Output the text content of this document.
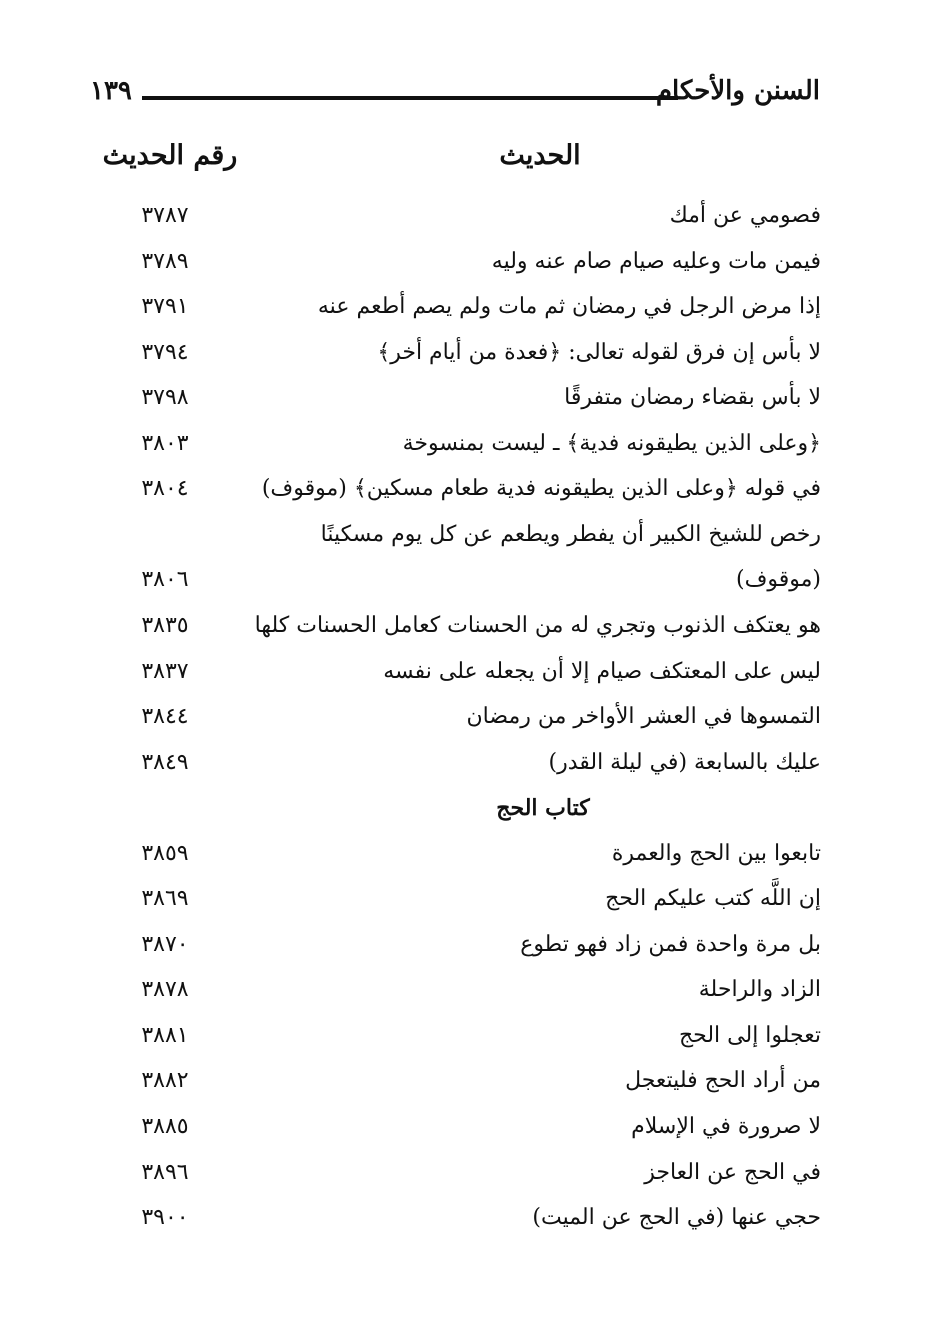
السنن والأحكام
١٣٩
الحديث
رقم الحديث
فصومي عن أمك
٣٧٨٧
فيمن مات وعليه صيام صام عنه وليه
٣٧٨٩
إذا مرض الرجل في رمضان ثم مات ولم يصم أطعم عنه
٣٧٩١
لا بأس إن فرق لقوله تعالى: ﴿فعدة من أيام أخر﴾
٣٧٩٤
لا بأس بقضاء رمضان متفرقًا
٣٧٩٨
﴿وعلى الذين يطيقونه فدية﴾ ـ ليست بمنسوخة
٣٨٠٣
في قوله ﴿وعلى الذين يطيقونه فدية طعام مسكين﴾ (موقوف)
٣٨٠٤
رخص للشيخ الكبير أن يفطر ويطعم عن كل يوم مسكينًا
(موقوف)
٣٨٠٦
هو يعتكف الذنوب وتجري له من الحسنات كعامل الحسنات كلها
٣٨٣٥
ليس على المعتكف صيام إلا أن يجعله على نفسه
٣٨٣٧
التمسوها في العشر الأواخر من رمضان
٣٨٤٤
عليك بالسابعة (في ليلة القدر)
٣٨٤٩
كتاب الحج
تابعوا بين الحج والعمرة
٣٨٥٩
إن اللَّه كتب عليكم الحج
٣٨٦٩
بل مرة واحدة فمن زاد فهو تطوع
٣٨٧٠
الزاد والراحلة
٣٨٧٨
تعجلوا إلى الحج
٣٨٨١
من أراد الحج فليتعجل
٣٨٨٢
لا صرورة في الإسلام
٣٨٨٥
في الحج عن العاجز
٣٨٩٦
حجي عنها (في الحج عن الميت)
٣٩٠٠
